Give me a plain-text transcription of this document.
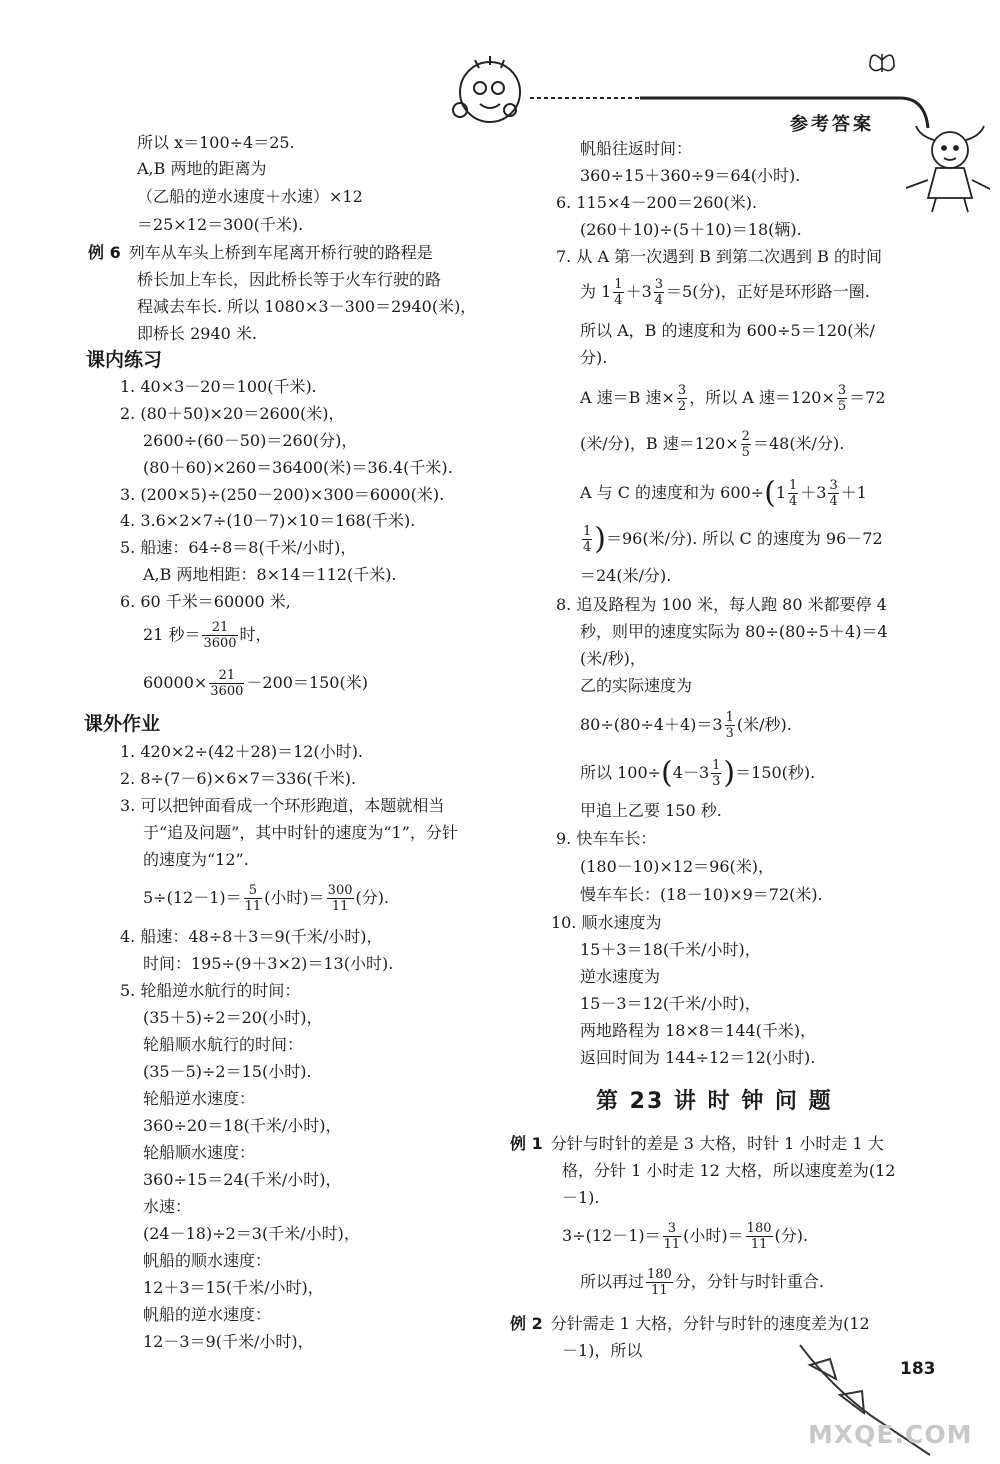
参考答案
所以 x＝100÷4＝25.
A,B 两地的距离为
（乙船的逆水速度＋水速）×12
＝25×12＝300(千米).
例 6 列车从车头上桥到车尾离开桥行驶的路程是
桥长加上车长，因此桥长等于火车行驶的路
程减去车长. 所以 1080×3－300＝2940(米)，
即桥长 2940 米.
课内练习
1. 40×3－20＝100(千米).
2. (80＋50)×20＝2600(米)，
2600÷(60－50)＝260(分)，
(80＋60)×260＝36400(米)＝36.4(千米).
3. (200×5)÷(250－200)×300＝6000(米).
4. 3.6×2×7÷(10－7)×10＝168(千米).
5. 船速：64÷8＝8(千米/小时)，
A,B 两地相距：8×14＝112(千米).
6. 60 千米＝60000 米,
21 秒＝ $\frac{21}{3600}$ 时，
$60000\times \frac{21}{3600} -200=150$(米)
课外作业
1. 420×2÷(42＋28)＝12(小时).
2. 8÷(7－6)×6×7＝336(千米).
3. 可以把钟面看成一个环形跑道，本题就相当
于“追及问题”，其中时针的速度为“1”，分针
的速度为“12”.
$5\div(12-1)= \frac{5}{11}$ (小时)＝ $\frac{300}{11}$ (分).
4. 船速：48÷8＋3＝9(千米/小时)，
时间：195÷(9＋3×2)＝13(小时).
5. 轮船逆水航行的时间：
(35＋5)÷2＝20(小时)，
轮船顺水航行的时间：
(35－5)÷2＝15(小时).
轮船逆水速度：
360÷20＝18(千米/小时)，
轮船顺水速度：
360÷15＝24(千米/小时)，
水速：
(24－18)÷2＝3(千米/小时)，
帆船的顺水速度：
12＋3＝15(千米/小时)，
帆船的逆水速度：
12－3＝9(千米/小时)，
帆船往返时间：
360÷15＋360÷9＝64(小时).
6. 115×4－200＝260(米).
(260＋10)÷(5＋10)＝18(辆).
7. 从 A 第一次遇到 B 到第二次遇到 B 的时间
为 $1 \frac{1}{4} +3 \frac{3}{4} =5$(分)，正好是环形路一圈.
所以 A，B 的速度和为 600÷5＝120(米/
分).
A 速＝B 速× $\frac{3}{2}$ ，所以 A 速$=120\times \frac{3}{5} =72$
(米/分)，B 速$=120\times \frac{2}{5} =48$(米/分).
A 与 C 的速度和为 $600\div(1 \frac{1}{4} +3 \frac{3}{4} +1$
$\frac{1}{4} )=96$(米/分). 所以 C 的速度为 96－72
＝24(米/分).
8. 追及路程为 100 米，每人跑 80 米都要停 4
秒，则甲的速度实际为 80÷(80÷5＋4)＝4
(米/秒)，
乙的实际速度为
$80\div(80\div 4+4)=3 \frac{1}{3}$ (米/秒).
所以 $100\div(4-3 \frac{1}{3} )=150$(秒).
甲追上乙要 150 秒.
9. 快车车长：
(180－10)×12＝96(米)，
慢车车长：(18－10)×9＝72(米).
10. 顺水速度为
15＋3＝18(千米/小时)，
逆水速度为
15－3＝12(千米/小时)，
两地路程为 18×8＝144(千米)，
返回时间为 144÷12＝12(小时).
第 23 讲 时 钟 问 题
例 1 分针与时针的差是 3 大格，时针 1 小时走 1 大
格，分针 1 小时走 12 大格，所以速度差为(12
－1).
$3\div(12-1)= \frac{3}{11}$ (小时)＝ $\frac{180}{11}$ (分).
所以再过 $\frac{180}{11}$ 分，分针与时针重合.
例 2 分针需走 1 大格，分针与时针的速度差为(12
－1)，所以
183
MXQE.COM
